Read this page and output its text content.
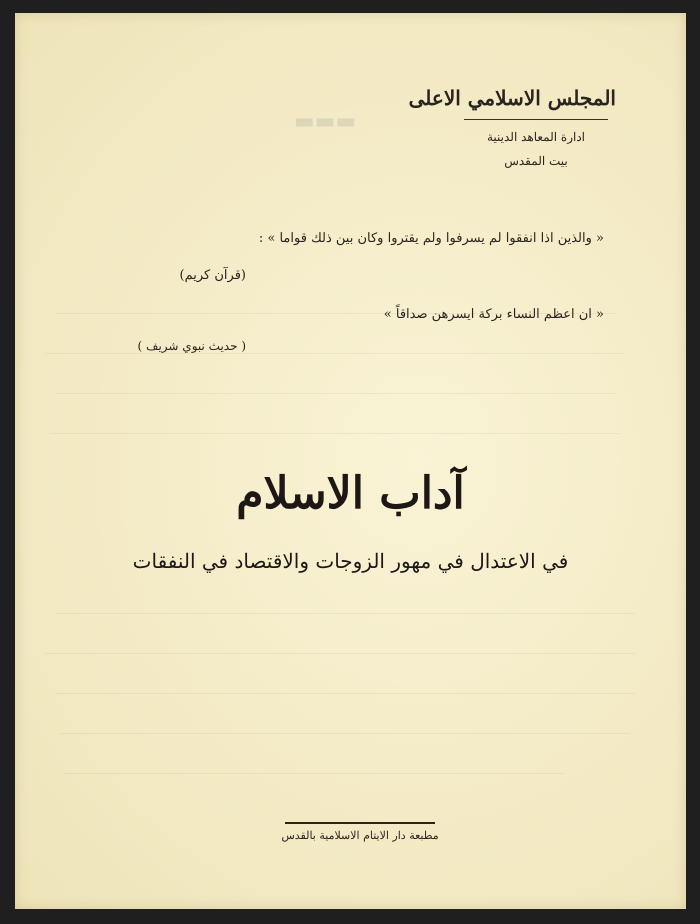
▬▬▬
المجلس الاسلامي الاعلى
ادارة المعاهد الدينية
بيت المقدس
« والذين اذا انفقوا لم يسرفوا ولم يقتروا وكان بين ذلك قواما » :
(قرآن كريم)
« ان اعظم النساء بركة ايسرهن صداقاً »
( حديث نبوي شريف )
آداب الاسلام
في الاعتدال في مهور الزوجات والاقتصاد في النفقات
مطبعة دار الايتام الاسلامية بالقدس
